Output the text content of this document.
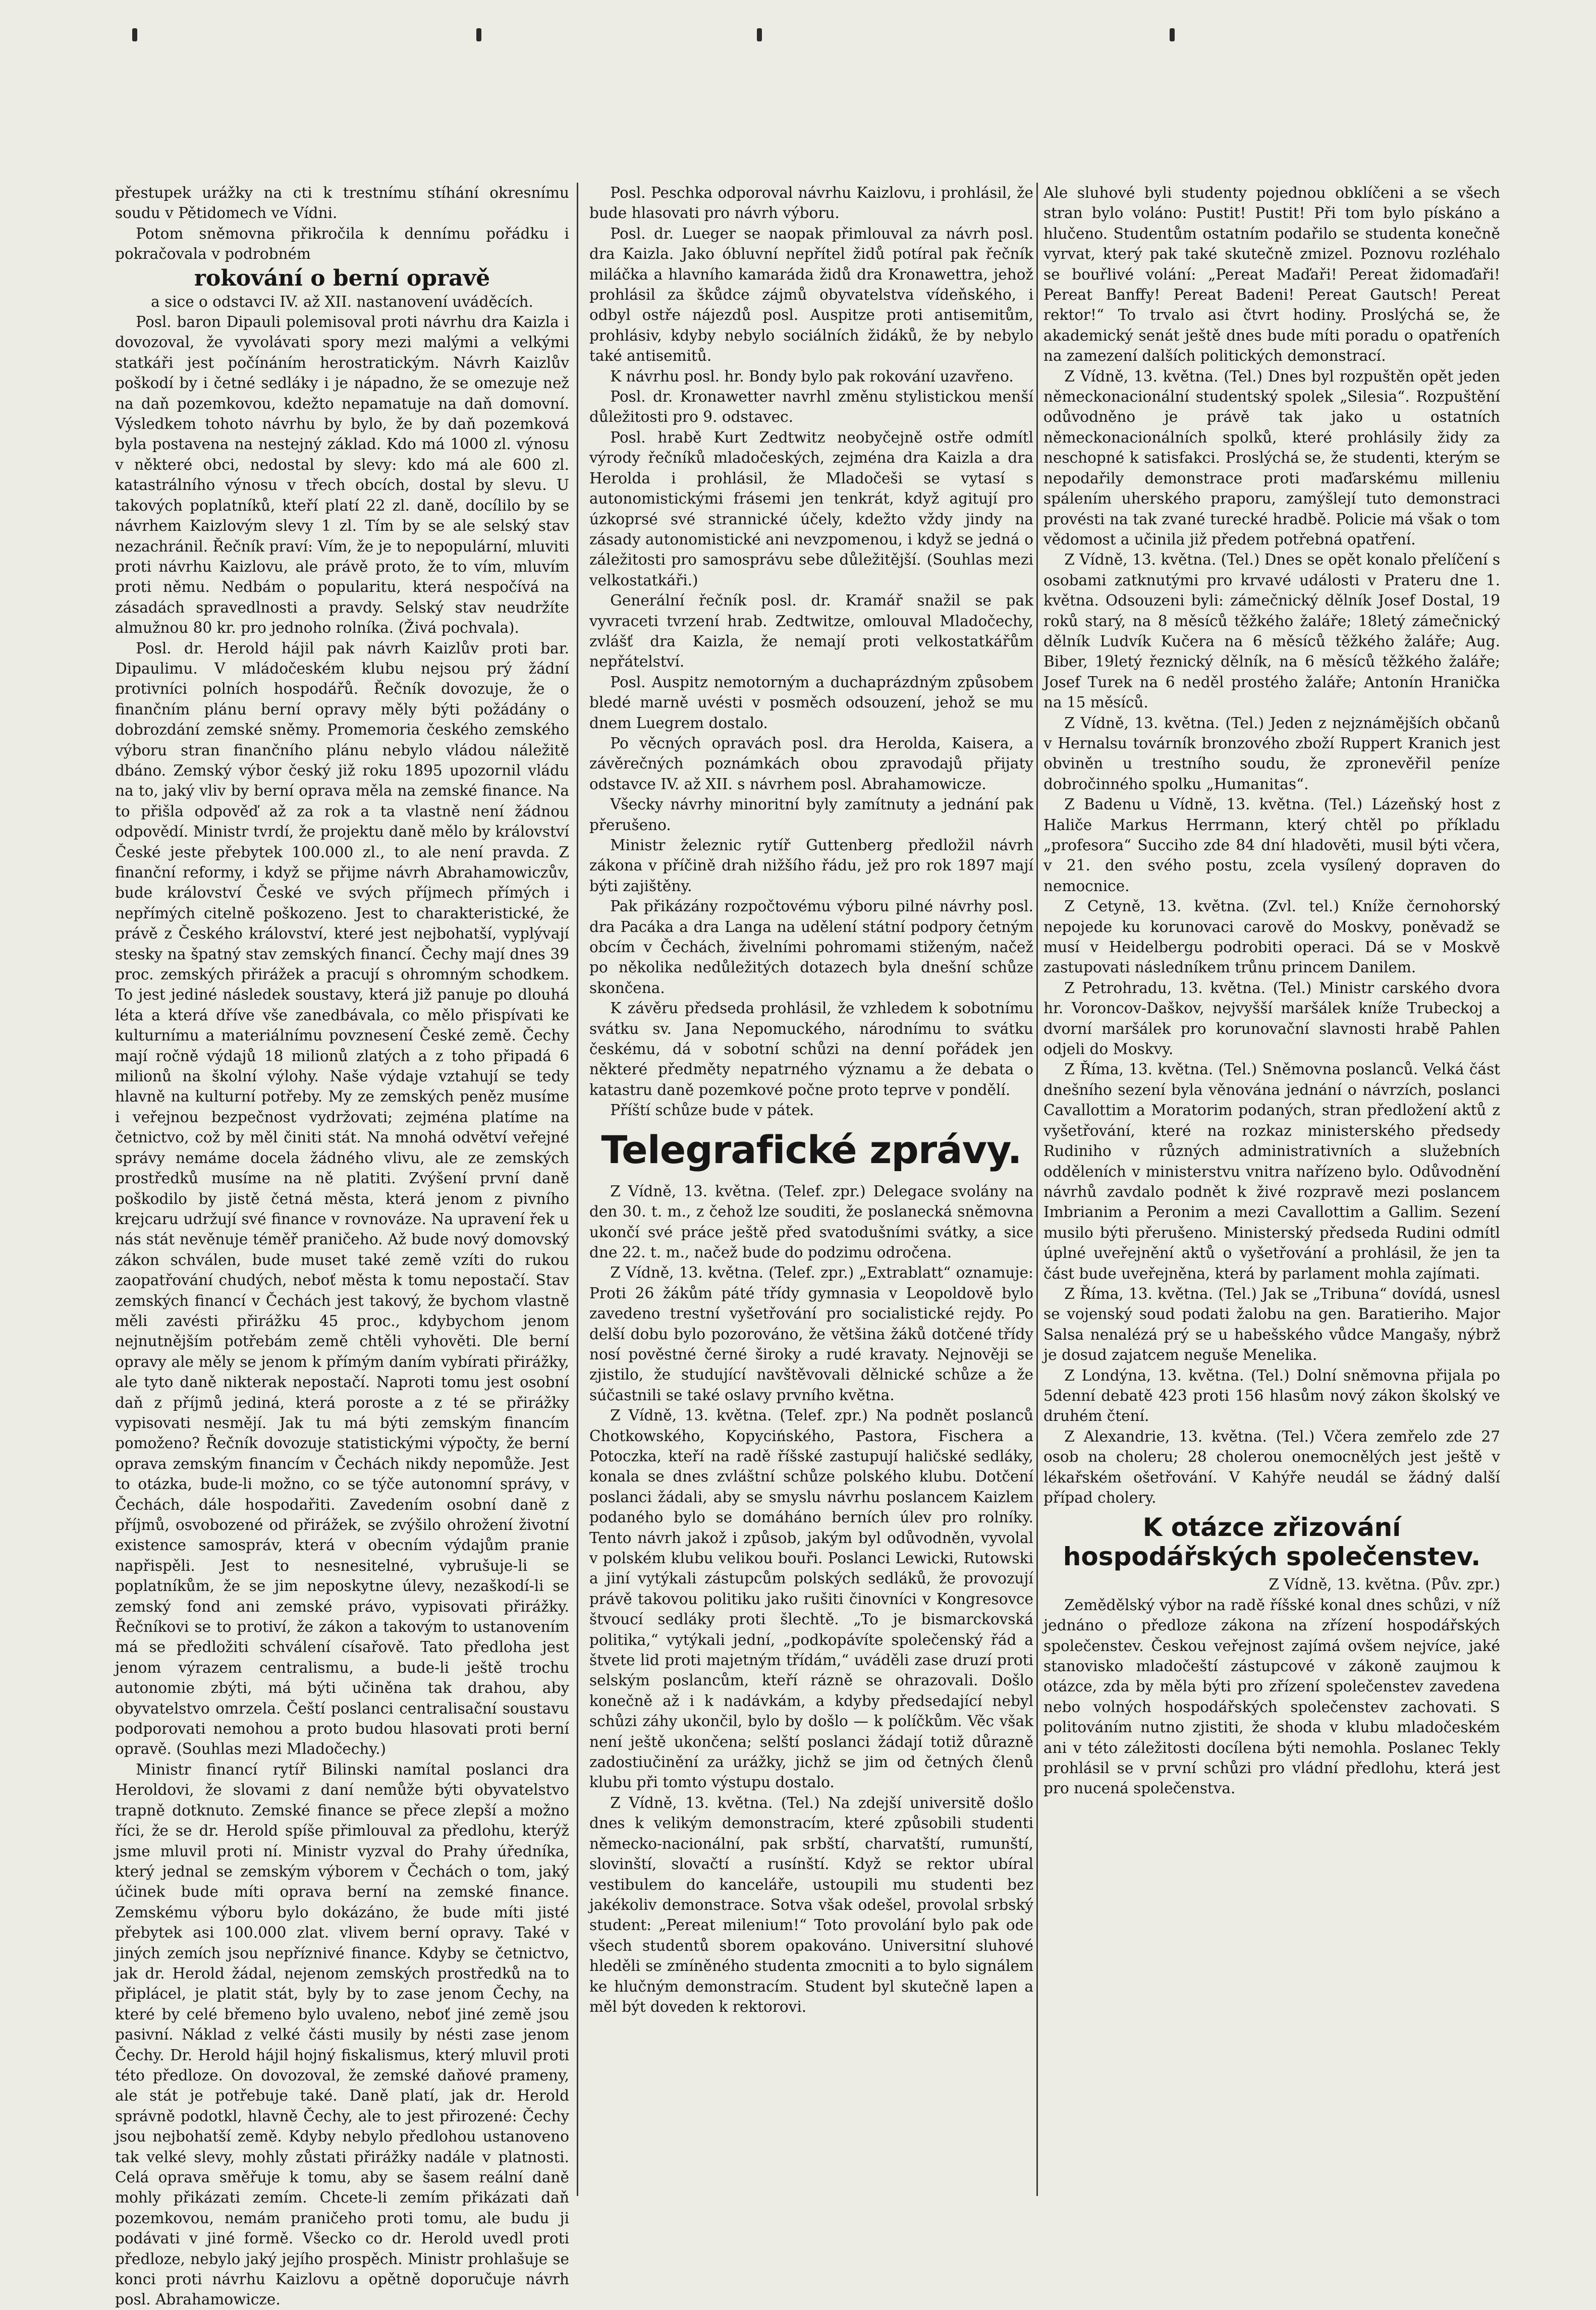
přestupek urážky na cti k trestnímu stíhání okresnímu soudu v Pětidomech ve Vídni.

Potom sněmovna přikročila k dennímu pořádku i pokračovala v podrobném

rokování o berní opravě
a sice o odstavci IV. až XII. nastanovení uváděcích.

Posl. baron Dipauli polemisoval proti návrhu dra Kaizla i dovozoval, že vyvolávati spory mezi malými a velkými statkáři jest počínáním herostratickým. Návrh Kaizlův poškodí by i četné sedláky i je nápadno, že se omezuje než na daň pozemkovou, kdežto nepamatuje na daň domovní. Výsledkem tohoto návrhu by bylo, že by daň pozemková byla postavena na nestejný základ. Kdo má 1000 zl. výnosu v některé obci, nedostal by slevy: kdo má ale 600 zl. katastrálního výnosu v třech obcích, dostal by slevu. U takových poplatníků, kteří platí 22 zl. daně, docílilo by se návrhem Kaizlovým slevy 1 zl. Tím by se ale selský stav nezachránil. Řečník praví: Vím, že je to nepopulární, mluviti proti návrhu Kaizlovu, ale právě proto, že to vím, mluvím proti němu. Nedbám o popularitu, která nespočívá na zásadách spravedlnosti a pravdy. Selský stav neudržíte almužnou 80 kr. pro jednoho rolníka. (Živá pochvala).

Posl. dr. Herold hájil pak návrh Kaizlův proti bar. Dipaulimu. V mládočeském klubu nejsou prý žádní protivníci polních hospodářů. Řečník dovozuje, že o finančním plánu berní opravy měly býti požádány o dobrozdání zemské sněmy. Promemoria českého zemského výboru stran finančního plánu nebylo vládou náležitě dbáno. Zemský výbor český již roku 1895 upozornil vládu na to, jaký vliv by berní oprava měla na zemské finance. Na to přišla odpověď až za rok a ta vlastně není žádnou odpovědí. Ministr tvrdí, že projektu daně mělo by království České jeste přebytek 100.000 zl., to ale není pravda. Z finanční reformy, i když se přijme návrh Abrahamowiczův, bude království České ve svých příjmech přímých i nepřímých citelně poškozeno. Jest to charakteristické, že právě z Českého království, které jest nejbohatší, vyplývají stesky na špatný stav zemských financí. Čechy mají dnes 39 proc. zemských přirážek a pracují s ohromným schodkem. To jest jediné následek soustavy, která již panuje po dlouhá léta a která dříve vše zanedbávala, co mělo přispívati ke kulturnímu a materiálnímu povznesení České země. Čechy mají ročně výdajů 18 milionů zlatých a z toho připadá 6 milionů na školní výlohy. Naše výdaje vztahují se tedy hlavně na kulturní potřeby. My ze zemských peněz musíme i veřejnou bezpečnost vydržovati; zejména platíme na četnictvo, což by měl činiti stát. Na mnohá odvětví veřejné správy nemáme docela žádného vlivu, ale ze zemských prostředků musíme na ně platiti. Zvýšení první daně poškodilo by jistě četná města, která jenom z pivního krejcaru udržují své finance v rovnováze. Na upravení řek u nás stát nevěnuje téměř praničeho. Až bude nový domovský zákon schválen, bude muset také země vzíti do rukou zaopatřování chudých, neboť města k tomu nepostačí. Stav zemských financí v Čechách jest takový, že bychom vlastně měli zavésti přirážku 45 proc., kdybychom jenom nejnutnějším potřebám země chtěli vyhověti. Dle berní opravy ale měly se jenom k přímým daním vybírati přirážky, ale tyto daně nikterak nepostačí. Naproti tomu jest osobní daň z příjmů jediná, která poroste a z té se přirážky vypisovati nesmějí. Jak tu má býti zemským financím pomoženo? Řečník dovozuje statistickými výpočty, že berní oprava zemským financím v Čechách nikdy nepomůže. Jest to otázka, bude-li možno, co se týče autonomní správy, v Čechách, dále hospodařiti. Zavedením osobní daně z příjmů, osvobozené od přirážek, se zvýšilo ohrožení životní existence samospráv, která v obecním výdajům pranie napřispěli. Jest to nesnesitelné, vybrušuje-li se poplatníkům, že se jim neposkytne úlevy, nezaškodí-li se zemský fond ani zemské právo, vypisovati přirážky. Řečníkovi se to protiví, že zákon a takovým to ustanovením má se předložiti schválení císařově. Tato předloha jest jenom výrazem centralismu, a bude-li ještě trochu autonomie zbýti, má býti učiněna tak drahou, aby obyvatelstvo omrzela. Čeští poslanci centralisační soustavu podporovati nemohou a proto budou hlasovati proti berní opravě. (Souhlas mezi Mladočechy.)

Ministr financí rytíř Bilinski namítal poslanci dra Heroldovi, že slovami z daní nemůže býti obyvatelstvo trapně dotknuto. Zemské finance se přece zlepší a možno říci, že se dr. Herold spíše přimlouval za předlohu, kterýž jsme mluvil proti ní. Ministr vyzval do Prahy úředníka, který jednal se zemským výborem v Čechách o tom, jaký účinek bude míti oprava berní na zemské finance. Zemskému výboru bylo dokázáno, že bude míti jisté přebytek asi 100.000 zlat. vlivem berní opravy. Také v jiných zemích jsou nepříznivé finance. Kdyby se četnictvo, jak dr. Herold žádal, nejenom zemských prostředků na to připlácel, je platit stát, byly by to zase jenom Čechy, na které by celé břemeno bylo uvaleno, neboť jiné země jsou pasivní. Náklad z velké části musily by nésti zase jenom Čechy. Dr. Herold hájil hojný fiskalismus, který mluvil proti této předloze. On dovozoval, že zemské daňové prameny, ale stát je potřebuje také. Daně platí, jak dr. Herold správně podotkl, hlavně Čechy, ale to jest přirozené: Čechy jsou nejbohatší země. Kdyby nebylo předlohou ustanoveno tak velké slevy, mohly zůstati přirážky nadále v platnosti. Celá oprava směřuje k tomu, aby se šasem reální daně mohly přikázati zemím. Chcete-li zemím přikázati daň pozemkovou, nemám praničeho proti tomu, ale budu ji podávati v jiné formě. Všecko co dr. Herold uvedl proti předloze, nebylo jaký jejího prospěch. Ministr prohlašuje se konci proti návrhu Kaizlovu a opětně doporučuje návrh posl. Abrahamowicze.

Posl. Peschka odporoval návrhu Kaizlovu, i prohlásil, že bude hlasovati pro návrh výboru.

Posl. dr. Lueger se naopak přimlouval za návrh posl. dra Kaizla. Jako óbluvní nepřítel židů potíral pak řečník miláčka a hlavního kamaráda židů dra Kronawettra, jehož prohlásil za škůdce zájmů obyvatelstva vídeňského, i odbyl ostře nájezdů posl. Auspitze proti antisemitům, prohlásiv, kdyby nebylo sociálních židáků, že by nebylo také antisemitů.

K návrhu posl. hr. Bondy bylo pak rokování uzavřeno.

Posl. dr. Kronawetter navrhl změnu stylistickou menší důležitosti pro 9. odstavec.

Posl. hrabě Kurt Zedtwitz neobyčejně ostře odmítl výrody řečníků mladočeských, zejména dra Kaizla a dra Herolda i prohlásil, že Mladočeši se vytasí s autonomistickými frásemi jen tenkrát, když agitují pro úzkoprsé své strannické účely, kdežto vždy jindy na zásady autonomistické ani nevzpomenou, i když se jedná o záležitosti pro samosprávu sebe důležitější. (Souhlas mezi velkostatkáři.)

Generální řečník posl. dr. Kramář snažil se pak vyvraceti tvrzení hrab. Zedtwitze, omlouval Mladočechy, zvlášť dra Kaizla, že nemají proti velkostatkářům nepřátelství.

Posl. Auspitz nemotorným a duchaprázdným způsobem bledé marně uvésti v posměch odsouzení, jehož se mu dnem Luegrem dostalo.

Po věcných opravách posl. dra Herolda, Kaisera, a závěrečných poznámkách obou zpravodajů přijaty odstavce IV. až XII. s návrhem posl. Abrahamowicze.

Všecky návrhy minoritní byly zamítnuty a jednání pak přerušeno.

Ministr železnic rytíř Guttenberg předložil návrh zákona v příčině drah nižšího řádu, jež pro rok 1897 mají býti zajištěny.

Pak přikázány rozpočtovému výboru pilné návrhy posl. dra Pacáka a dra Langa na udělení státní podpory četným obcím v Čechách, živelními pohromami stiženým, načež po několika nedůležitých dotazech byla dnešní schůze skončena.

K závěru předseda prohlásil, že vzhledem k sobotnímu svátku sv. Jana Nepomuckého, národnímu to svátku českému, dá v sobotní schůzi na denní pořádek jen některé předměty nepatrného významu a že debata o katastru daně pozemkové počne proto teprve v pondělí.

Příští schůze bude v pátek.

Telegrafické zprávy.

Z Vídně, 13. května. (Telef. zpr.) Delegace svolány na den 30. t. m., z čehož lze souditi, že poslanecká sněmovna ukončí své práce ještě před svatodušními svátky, a sice dne 22. t. m., načež bude do podzimu odročena.

Z Vídně, 13. května. (Telef. zpr.) „Extrablatt“ oznamuje: Proti 26 žákům páté třídy gymnasia v Leopoldově bylo zavedeno trestní vyšetřování pro socialistické rejdy. Po delší dobu bylo pozorováno, že většina žáků dotčené třídy nosí pověstné černé široky a rudé kravaty. Nejnověji se zjistilo, že studující navštěvovali dělnické schůze a že súčastnili se také oslavy prvního května.

Z Vídně, 13. května. (Telef. zpr.) Na podnět poslanců Chotkowského, Kopycińského, Pastora, Fischera a Potoczka, kteří na radě říšské zastupují haličské sedláky, konala se dnes zvláštní schůze polského klubu. Dotčení poslanci žádali, aby se smyslu návrhu poslancem Kaizlem podaného bylo se domáháno berních úlev pro rolníky. Tento návrh jakož i způsob, jakým byl odůvodněn, vyvolal v polském klubu velikou bouři. Poslanci Lewicki, Rutowski a jiní vytýkali zástupcům polských sedláků, že provozují právě takovou politiku jako rušiti činovníci v Kongresovce štvoucí sedláky proti šlechtě. „To je bismarckovská politika,“ vytýkali jední, „podkopávíte společenský řád a štvete lid proti majetným třídám,“ uváděli zase druzí proti selským poslancům, kteří rázně se ohrazovali. Došlo konečně až i k nadávkám, a kdyby předsedající nebyl schůzi záhy ukončil, bylo by došlo — k políčkům. Věc však není ještě ukončena; selští poslanci žádají totiž důrazně zadostiučinění za urážky, jichž se jim od četných členů klubu při tomto výstupu dostalo.

Z Vídně, 13. května. (Tel.) Na zdejší universitě došlo dnes k velikým demonstracím, které způsobili studenti německo-nacionální, pak srbští, charvatští, rumunští, slovinští, slovačtí a rusínští. Když se rektor ubíral vestibulem do kanceláře, ustoupili mu studenti bez jakékoliv demonstrace. Sotva však odešel, provolal srbský student: „Pereat milenium!“ Toto provolání bylo pak ode všech studentů sborem opakováno. Universitní sluhové hleděli se zmíněného studenta zmocniti a to bylo signálem ke hlučným demonstracím. Student byl skutečně lapen a měl být doveden k rektorovi.

Ale sluhové byli studenty pojednou obklíčeni a se všech stran bylo voláno: Pustit! Pustit! Při tom bylo pískáno a hlučeno. Studentům ostatním podařilo se studenta konečně vyrvat, který pak také skutečně zmizel. Poznovu rozléhalo se bouřlivé volání: „Pereat Maďaři! Pereat židomaďaři! Pereat Banffy! Pereat Badeni! Pereat Gautsch! Pereat rektor!“ To trvalo asi čtvrt hodiny. Proslýchá se, že akademický senát ještě dnes bude míti poradu o opatřeních na zamezení dalších politických demonstrací.

Z Vídně, 13. května. (Tel.) Dnes byl rozpuštěn opět jeden německonacionální studentský spolek „Silesia“. Rozpuštění odůvodněno je právě tak jako u ostatních německonacionálních spolků, které prohlásily židy za neschopné k satisfakci. Proslýchá se, že studenti, kterým se nepodařily demonstrace proti maďarskému milleniu spálením uherského praporu, zamýšlejí tuto demonstraci provésti na tak zvané turecké hradbě. Policie má však o tom vědomost a učinila již předem potřebná opatření.

Z Vídně, 13. května. (Tel.) Dnes se opět konalo přelíčení s osobami zatknutými pro krvavé události v Prateru dne 1. května. Odsouzeni byli: zámečnický dělník Josef Dostal, 19 roků starý, na 8 měsíců těžkého žaláře; 18letý zámečnický dělník Ludvík Kučera na 6 měsíců těžkého žaláře; Aug. Biber, 19letý řeznický dělník, na 6 měsíců těžkého žaláře; Josef Turek na 6 neděl prostého žaláře; Antonín Hranička na 15 měsíců.

Z Vídně, 13. května. (Tel.) Jeden z nejznámějších občanů v Hernalsu továrník bronzového zboží Ruppert Kranich jest obviněn u trestního soudu, že zpronevěřil peníze dobročinného spolku „Humanitas“.

Z Badenu u Vídně, 13. května. (Tel.) Lázeňský host z Haliče Markus Herrmann, který chtěl po příkladu „profesora“ Succiho zde 84 dní hladověti, musil býti včera, v 21. den svého postu, zcela vysílený dopraven do nemocnice.

Z Cetyně, 13. května. (Zvl. tel.) Kníže černohorský nepojede ku korunovaci carově do Moskvy, poněvadž se musí v Heidelbergu podrobiti operaci. Dá se v Moskvě zastupovati následníkem trůnu princem Danilem.

Z Petrohradu, 13. května. (Tel.) Ministr carského dvora hr. Voroncov-Daškov, nejvyšší maršálek kníže Trubeckoj a dvorní maršálek pro korunovační slavnosti hrabě Pahlen odjeli do Moskvy.

Z Říma, 13. května. (Tel.) Sněmovna poslanců. Velká část dnešního sezení byla věnována jednání o návrzích, poslanci Cavallottim a Moratorim podaných, stran předložení aktů z vyšetřování, které na rozkaz ministerského předsedy Rudiniho v různých administrativních a služebních odděleních v ministerstvu vnitra nařízeno bylo. Odůvodnění návrhů zavdalo podnět k živé rozpravě mezi poslancem Imbrianim a Peronim a mezi Cavallottim a Gallim. Sezení musilo býti přerušeno. Ministerský předseda Rudini odmítl úplné uveřejnění aktů o vyšetřování a prohlásil, že jen ta část bude uveřejněna, která by parlament mohla zajímati.

Z Říma, 13. května. (Tel.) Jak se „Tribuna“ dovídá, usnesl se vojenský soud podati žalobu na gen. Baratieriho. Major Salsa nenalézá prý se u habešského vůdce Mangašy, nýbrž je dosud zajatcem neguše Menelika.

Z Londýna, 13. května. (Tel.) Dolní sněmovna přijala po 5denní debatě 423 proti 156 hlasům nový zákon školský ve druhém čtení.

Z Alexandrie, 13. května. (Tel.) Včera zemřelo zde 27 osob na choleru; 28 cholerou onemocnělých jest ještě v lékařském ošetřování. V Kahýře neudál se žádný další případ cholery.

K otázce zřizování hospodářských společenstev.

Z Vídně, 13. května. (Pův. zpr.)

Zemědělský výbor na radě říšské konal dnes schůzi, v níž jednáno o předloze zákona na zřízení hospodářských společenstev. Českou veřejnost zajímá ovšem nejvíce, jaké stanovisko mladočeští zástupcové v zákoně zaujmou k otázce, zda by měla býti pro zřízení společenstev zavedena nebo volných hospodářských společenstev zachovati. S politováním nutno zjistiti, že shoda v klubu mladočeském ani v této záležitosti docílena býti nemohla. Poslanec Tekly prohlásil se v první schůzi pro vládní předlohu, která jest pro nucená společenstva.
